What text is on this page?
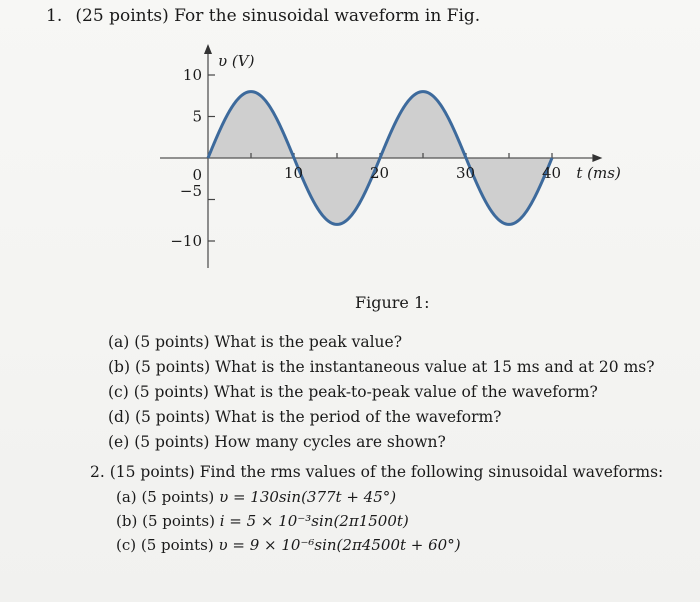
1. (25 points) For the sinusoidal waveform in Fig.
υ (V)
t (ms)
10	20	30	40
10
5
0
−5
−10
Figure 1:
(a) (5 points) What is the peak value?
(b) (5 points) What is the instantaneous value at 15 ms and at 20 ms?
(c) (5 points) What is the peak-to-peak value of the waveform?
(d) (5 points) What is the period of the waveform?
(e) (5 points) How many cycles are shown?
2. (15 points) Find the rms values of the following sinusoidal waveforms:
(a) (5 points) υ = 130sin(377t + 45°)
(b) (5 points) i = 5 × 10⁻³sin(2π1500t)
(c) (5 points) υ = 9 × 10⁻⁶sin(2π4500t + 60°)
